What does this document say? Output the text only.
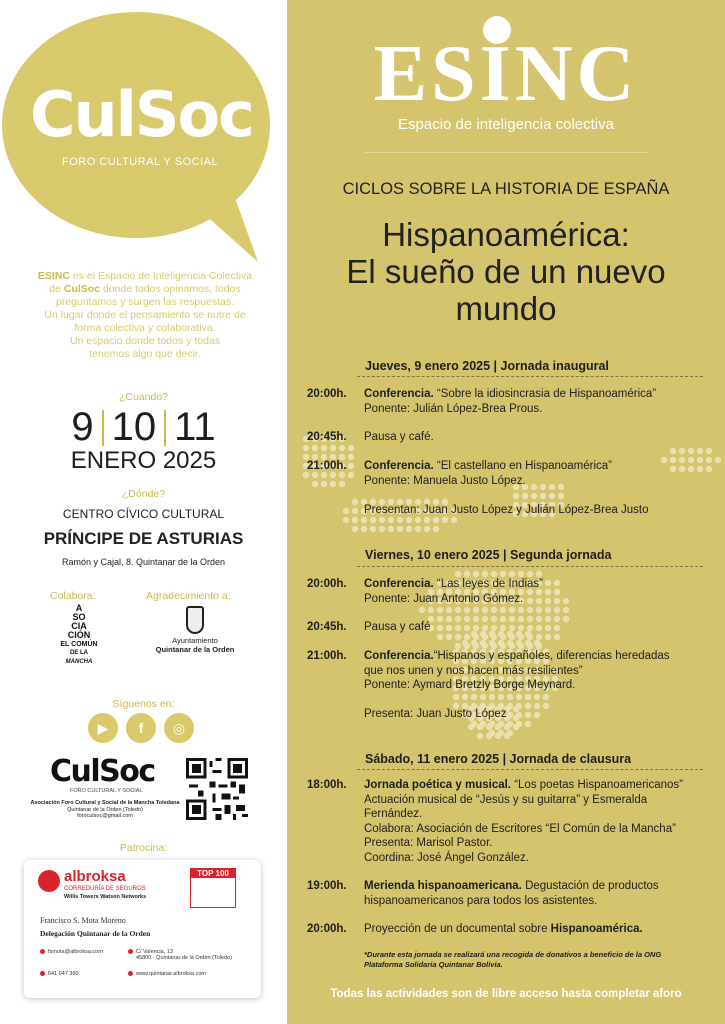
CulSoc
FORO CULTURAL Y SOCIAL
ESINC es el Espacio de Inteligencia Colectiva
de CulSoc donde todos opinamos, todos
preguntamos y surgen las respuestas.
Un lugar donde el pensamiento se nutre de
forma colectiva y colaborativa.
Un espacio donde todos y todas
tenemos algo que decir.
¿Cuando?
9 10 11
ENERO 2025
¿Dónde?
CENTRO CÍVICO CULTURAL
PRÍNCIPE DE ASTURIAS
Ramón y Cajal, 8. Quintanar de la Orden
Colabora:	Agradecimiento a:
A
SO
CIA
CIÓN
EL COMÚN
DE LA
MANCHA
Ayuntamiento
Quintanar de la Orden
Síguenos en:
▶	f	◎
CulSoc
FORO CULTURAL Y SOCIAL
Asociación Foro Cultural y Social de la Mancha Toledana
Quintanar de la Orden (Toledo)
foroculsoc@gmail.com
Patrocina:
albroksa
CORREDURÍA DE SEGUROS
Willis Towers Watson Networks
TOP 100
Francisco S. Mota Moreno
Delegación Quintanar de la Orden
fsmota@albroksa.com
641 647 350
C/ Valencia, 13
45800 · Quintanar de la Orden (Toledo)
www.quintanar.albroksa.com
ESINC
Espacio de inteligencia colectiva
CICLOS SOBRE LA HISTORIA DE ESPAÑA
Hispanoamérica:
El sueño de un nuevo
mundo
Jueves, 9 enero 2025 | Jornada inaugural
20:00h. Conferencia. “Sobre la idiosincrasia de Hispanoamérica”
Ponente: Julián López-Brea Prous.
20:45h. Pausa y café.
21:00h. Conferencia. “El castellano en Hispanoamérica”
Ponente: Manuela Justo López.
Presentan: Juan Justo López y Julián López-Brea Justo
Viernes, 10 enero 2025 | Segunda jornada
20:00h. Conferencia. “Las leyes de Indias”
Ponente: Juan Antonio Gómez.
20:45h. Pausa y café
21:00h. Conferencia.“Hispanos y españoles, diferencias heredadas
que nos unen y nos hacen más resilientes”
Ponente: Aymard Bretzly Borge Meynard.
Presenta: Juan Justo López
Sábado, 11 enero 2025 | Jornada de clausura
18:00h. Jornada poética y musical. “Los poetas Hispanoamericanos”
Actuación musical de “Jesús y su guitarra” y Esmeralda
Fernández.
Colabora: Asociación de Escritores “El Común de la Mancha”
Presenta: Marisol Pastor.
Coordina: José Ángel González.
19:00h. Merienda hispanoamericana. Degustación de productos
hispanoamericanos para todos los asistentes.
20:00h. Proyección de un documental sobre Hispanoamérica.
*Durante esta jornada se realizará una recogida de donativos a beneficio de la ONG
Plataforma Solidaria Quintanar Bolivia.
Todas las actividades son de libre acceso hasta completar aforo
